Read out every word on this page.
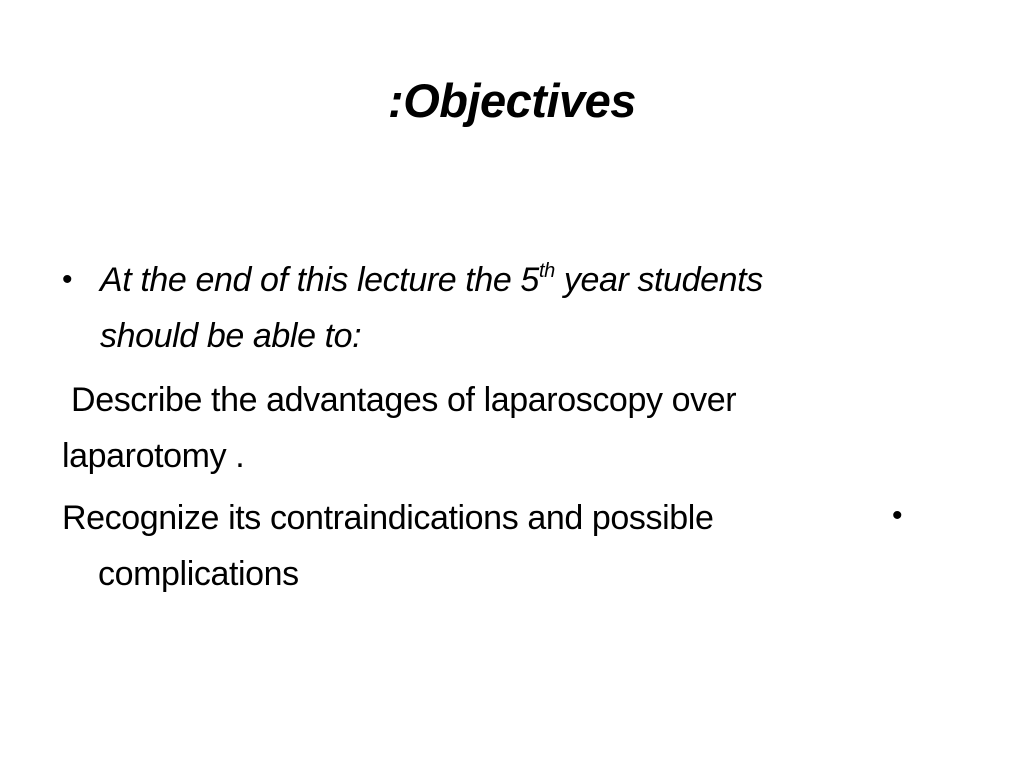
:Objectives
• At the end of this lecture the 5th year students
should be able to:
Describe the advantages of laparoscopy over
laparotomy .
Recognize its contraindications and possible
complications
•
